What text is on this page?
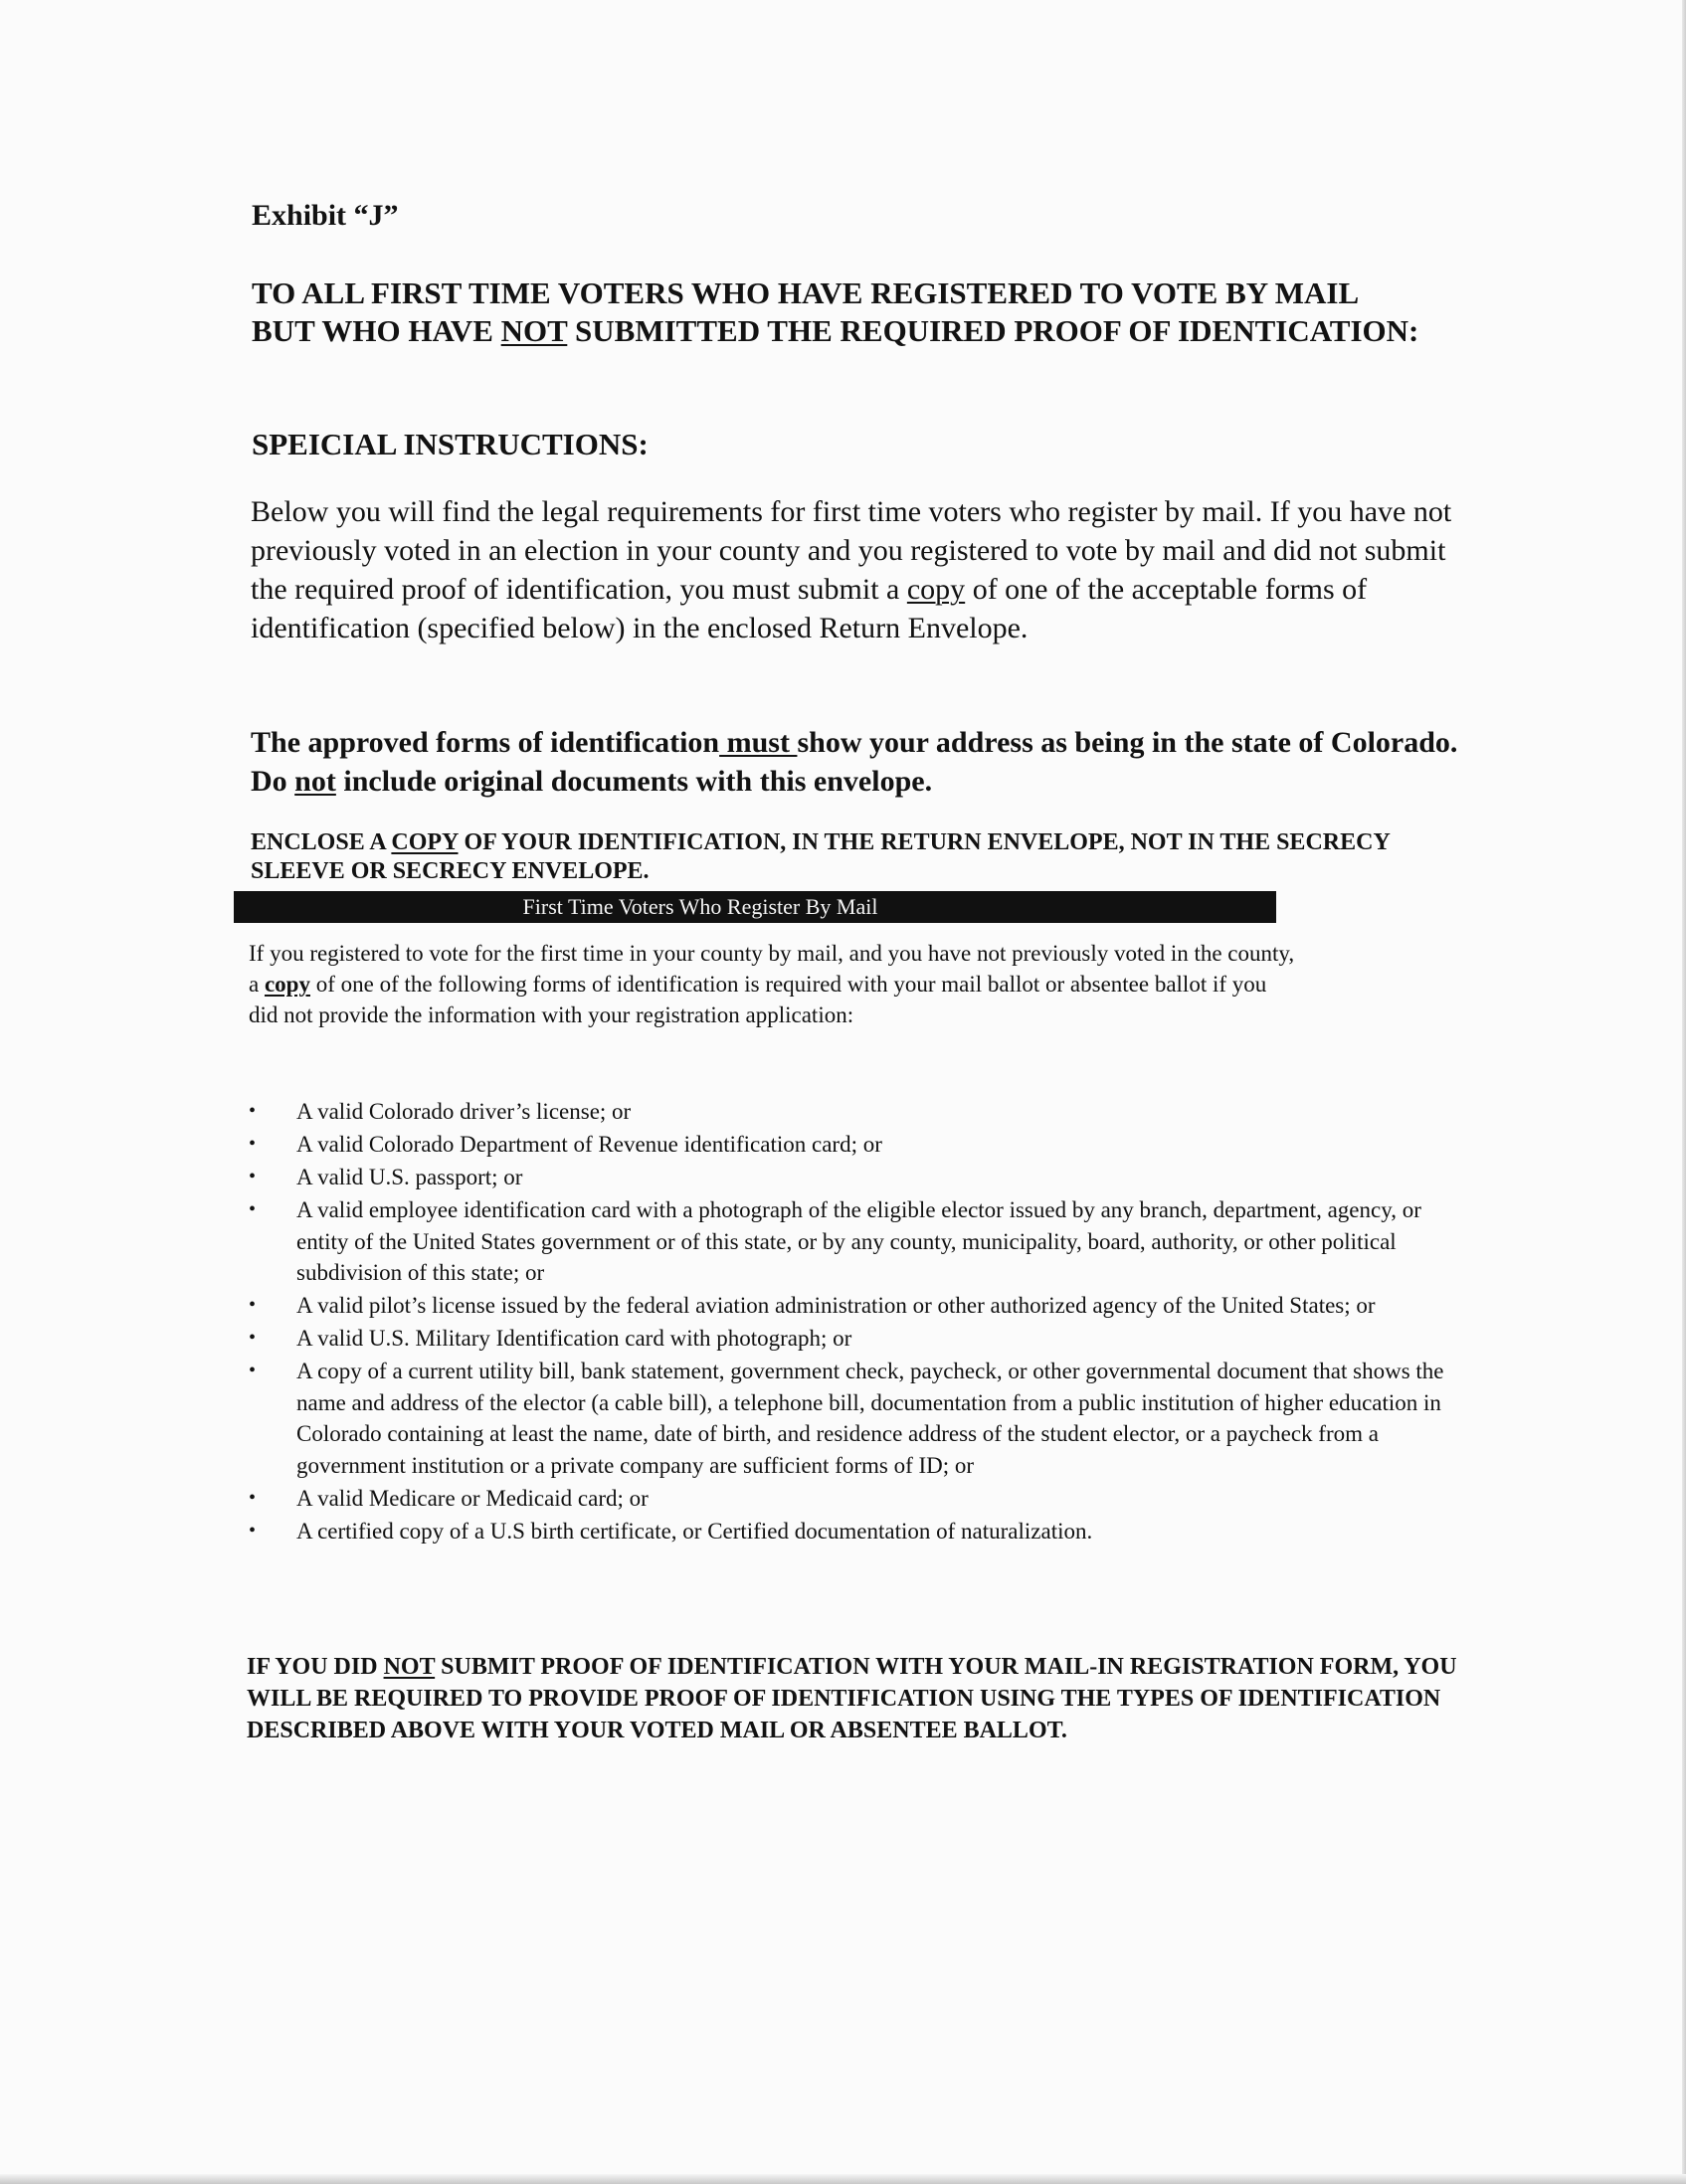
Exhibit “J”
TO ALL FIRST TIME VOTERS WHO HAVE REGISTERED TO VOTE BY MAIL BUT WHO HAVE NOT SUBMITTED THE REQUIRED PROOF OF IDENTICATION:
SPEICIAL INSTRUCTIONS:
Below you will find the legal requirements for first time voters who register by mail. If you have not previously voted in an election in your county and you registered to vote by mail and did not submit the required proof of identification, you must submit a copy of one of the acceptable forms of identification (specified below) in the enclosed Return Envelope.
The approved forms of identification must show your address as being in the state of Colorado. Do not include original documents with this envelope.
ENCLOSE A COPY OF YOUR IDENTIFICATION, IN THE RETURN ENVELOPE, NOT IN THE SECRECY SLEEVE OR SECRECY ENVELOPE.
First Time Voters Who Register By Mail
If you registered to vote for the first time in your county by mail, and you have not previously voted in the county,
a copy of one of the following forms of identification is required with your mail ballot or absentee ballot if you
did not provide the information with your registration application:
• A valid Colorado driver’s license; or
• A valid Colorado Department of Revenue identification card; or
• A valid U.S. passport; or
• A valid employee identification card with a photograph of the eligible elector issued by any branch, department, agency, or entity of the United States government or of this state, or by any county, municipality, board, authority, or other political subdivision of this state; or
• A valid pilot’s license issued by the federal aviation administration or other authorized agency of the United States; or
• A valid U.S. Military Identification card with photograph; or
• A copy of a current utility bill, bank statement, government check, paycheck, or other governmental document that shows the name and address of the elector (a cable bill), a telephone bill, documentation from a public institution of higher education in Colorado containing at least the name, date of birth, and residence address of the student elector, or a paycheck from a government institution or a private company are sufficient forms of ID; or
• A valid Medicare or Medicaid card; or
• A certified copy of a U.S birth certificate, or Certified documentation of naturalization.
IF YOU DID NOT SUBMIT PROOF OF IDENTIFICATION WITH YOUR MAIL-IN REGISTRATION FORM, YOU WILL BE REQUIRED TO PROVIDE PROOF OF IDENTIFICATION USING THE TYPES OF IDENTIFICATION DESCRIBED ABOVE WITH YOUR VOTED MAIL OR ABSENTEE BALLOT.
